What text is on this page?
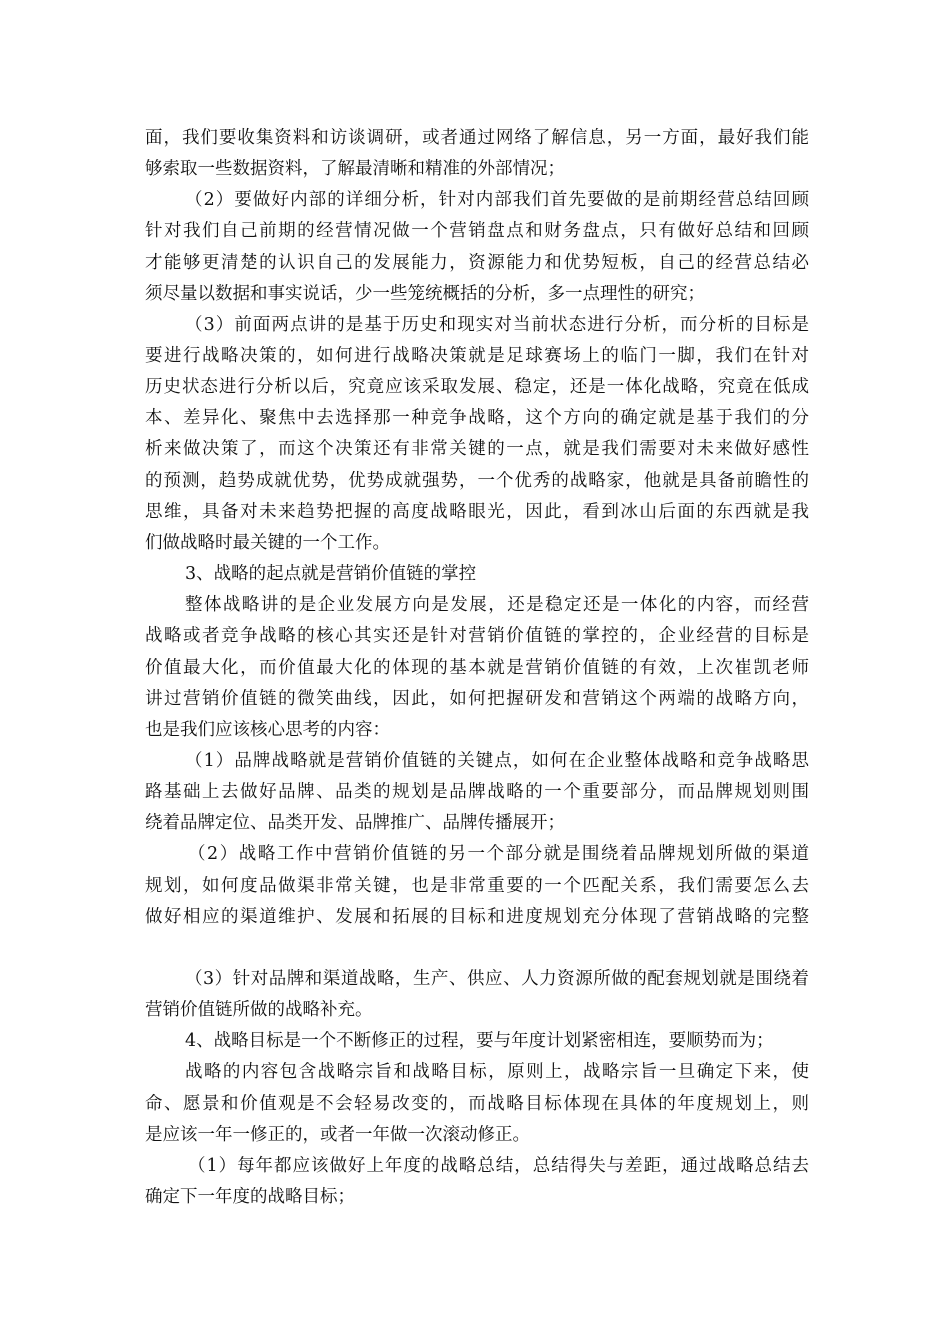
面，我们要收集资料和访谈调研，或者通过网络了解信息，另一方面，最好我们能
够索取一些数据资料，了解最清晰和精准的外部情况；
（2）要做好内部的详细分析，针对内部我们首先要做的是前期经营总结回顾
针对我们自己前期的经营情况做一个营销盘点和财务盘点，只有做好总结和回顾
才能够更清楚的认识自己的发展能力，资源能力和优势短板，自己的经营总结必
须尽量以数据和事实说话，少一些笼统概括的分析，多一点理性的研究；
（3）前面两点讲的是基于历史和现实对当前状态进行分析，而分析的目标是
要进行战略决策的，如何进行战略决策就是足球赛场上的临门一脚，我们在针对
历史状态进行分析以后，究竟应该采取发展、稳定，还是一体化战略，究竟在低成
本、差异化、聚焦中去选择那一种竞争战略，这个方向的确定就是基于我们的分
析来做决策了，而这个决策还有非常关键的一点，就是我们需要对未来做好感性
的预测，趋势成就优势，优势成就强势，一个优秀的战略家，他就是具备前瞻性的
思维，具备对未来趋势把握的高度战略眼光，因此，看到冰山后面的东西就是我
们做战略时最关键的一个工作。
3、战略的起点就是营销价值链的掌控
整体战略讲的是企业发展方向是发展，还是稳定还是一体化的内容，而经营
战略或者竞争战略的核心其实还是针对营销价值链的掌控的，企业经营的目标是
价值最大化，而价值最大化的体现的基本就是营销价值链的有效，上次崔凯老师
讲过营销价值链的微笑曲线，因此，如何把握研发和营销这个两端的战略方向，
也是我们应该核心思考的内容：
（1）品牌战略就是营销价值链的关键点，如何在企业整体战略和竞争战略思
路基础上去做好品牌、品类的规划是品牌战略的一个重要部分，而品牌规划则围
绕着品牌定位、品类开发、品牌推广、品牌传播展开；
（2）战略工作中营销价值链的另一个部分就是围绕着品牌规划所做的渠道
规划，如何度品做渠非常关键，也是非常重要的一个匹配关系，我们需要怎么去
做好相应的渠道维护、发展和拓展的目标和进度规划充分体现了营销战略的完整
（3）针对品牌和渠道战略，生产、供应、人力资源所做的配套规划就是围绕着
营销价值链所做的战略补充。
4、战略目标是一个不断修正的过程，要与年度计划紧密相连，要顺势而为；
战略的内容包含战略宗旨和战略目标，原则上，战略宗旨一旦确定下来，使
命、愿景和价值观是不会轻易改变的，而战略目标体现在具体的年度规划上，则
是应该一年一修正的，或者一年做一次滚动修正。
（1）每年都应该做好上年度的战略总结，总结得失与差距，通过战略总结去
确定下一年度的战略目标；
